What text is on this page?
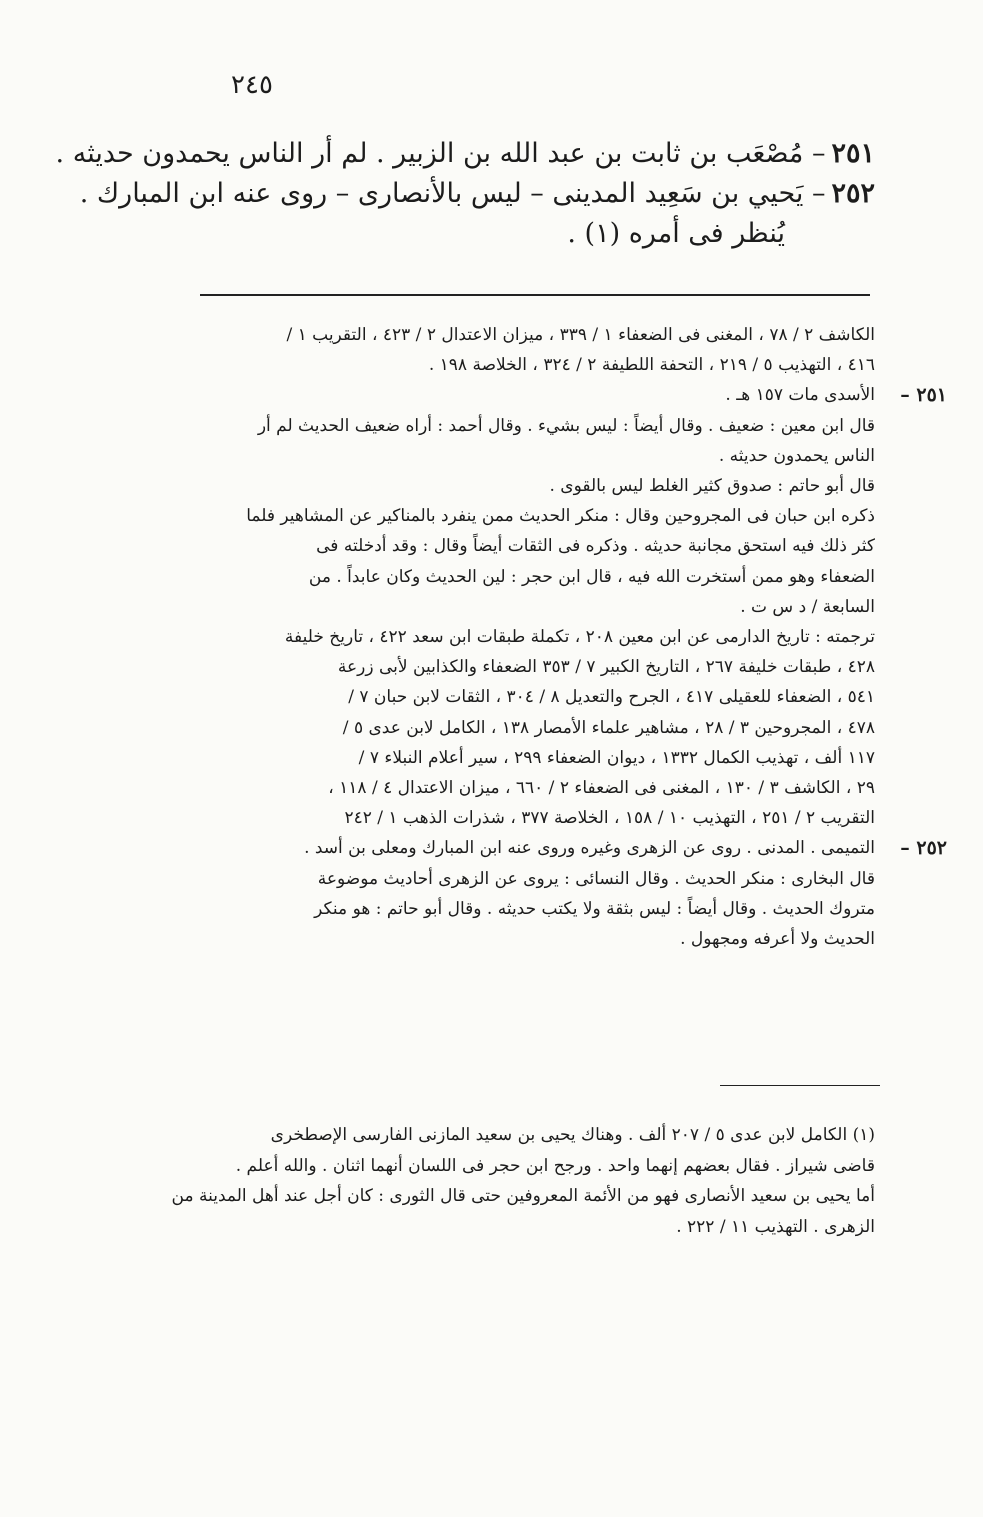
٢٤٥
٢٥١– مُصْعَب بن ثابت بن عبد الله بن الزبير . لم أر الناس يحمدون حديثه .
٢٥٢– يَحيي بن سَعِيد المدينى – ليس بالأنصارى – روى عنه ابن المبارك .
يُنظر فى أمره (١) .
الكاشف ٢ / ٧٨ ، المغنى فى الضعفاء ١ / ٣٣٩ ، ميزان الاعتدال ٢ / ٤٢٣ ، التقريب ١ /
٤١٦ ، التهذيب ٥ / ٢١٩ ، التحفة اللطيفة ٢ / ٣٢٤ ، الخلاصة ١٩٨ .
٢٥١ –
الأسدى مات ١٥٧ هـ .
قال ابن معين : ضعيف . وقال أيضاً : ليس بشيء . وقال أحمد : أراه ضعيف الحديث لم أر
الناس يحمدون حديثه .
قال أبو حاتم : صدوق كثير الغلط ليس بالقوى .
ذكره ابن حبان فى المجروحين وقال : منكر الحديث ممن ينفرد بالمناكير عن المشاهير فلما
كثر ذلك فيه استحق مجانبة حديثه . وذكره فى الثقات أيضاً وقال : وقد أدخلته فى
الضعفاء وهو ممن أستخرت الله فيه ، قال ابن حجر : لين الحديث وكان عابداً . من
السابعة / د س ت .
ترجمته : تاريخ الدارمى عن ابن معين ٢٠٨ ، تكملة طبقات ابن سعد ٤٢٢ ، تاريخ خليفة
٤٢٨ ، طبقات خليفة ٢٦٧ ، التاريخ الكبير ٧ / ٣٥٣ الضعفاء والكذابين لأبى زرعة
٥٤١ ، الضعفاء للعقيلى ٤١٧ ، الجرح والتعديل ٨ / ٣٠٤ ، الثقات لابن حبان ٧ /
٤٧٨ ، المجروحين ٣ / ٢٨ ، مشاهير علماء الأمصار ١٣٨ ، الكامل لابن عدى ٥ /
١١٧ ألف ، تهذيب الكمال ١٣٣٢ ، ديوان الضعفاء ٢٩٩ ، سير أعلام النبلاء ٧ /
٢٩ ، الكاشف ٣ / ١٣٠ ، المغنى فى الضعفاء ٢ / ٦٦٠ ، ميزان الاعتدال ٤ / ١١٨ ،
التقريب ٢ / ٢٥١ ، التهذيب ١٠ / ١٥٨ ، الخلاصة ٣٧٧ ، شذرات الذهب ١ / ٢٤٢
٢٥٢ –
التميمى . المدنى . روى عن الزهرى وغيره وروى عنه ابن المبارك ومعلى بن أسد .
قال البخارى : منكر الحديث . وقال النسائى : يروى عن الزهرى أحاديث موضوعة
متروك الحديث . وقال أيضاً : ليس بثقة ولا يكتب حديثه . وقال أبو حاتم : هو منكر
الحديث ولا أعرفه ومجهول .
(١) الكامل لابن عدى ٥ / ٢٠٧ ألف . وهناك يحيى بن سعيد المازنى الفارسى الإصطخرى
قاضى شيراز . فقال بعضهم إنهما واحد . ورجح ابن حجر فى اللسان أنهما اثنان . والله أعلم .
أما يحيى بن سعيد الأنصارى فهو من الأئمة المعروفين حتى قال الثورى : كان أجل عند أهل المدينة من
الزهرى . التهذيب ١١ / ٢٢٢ .
